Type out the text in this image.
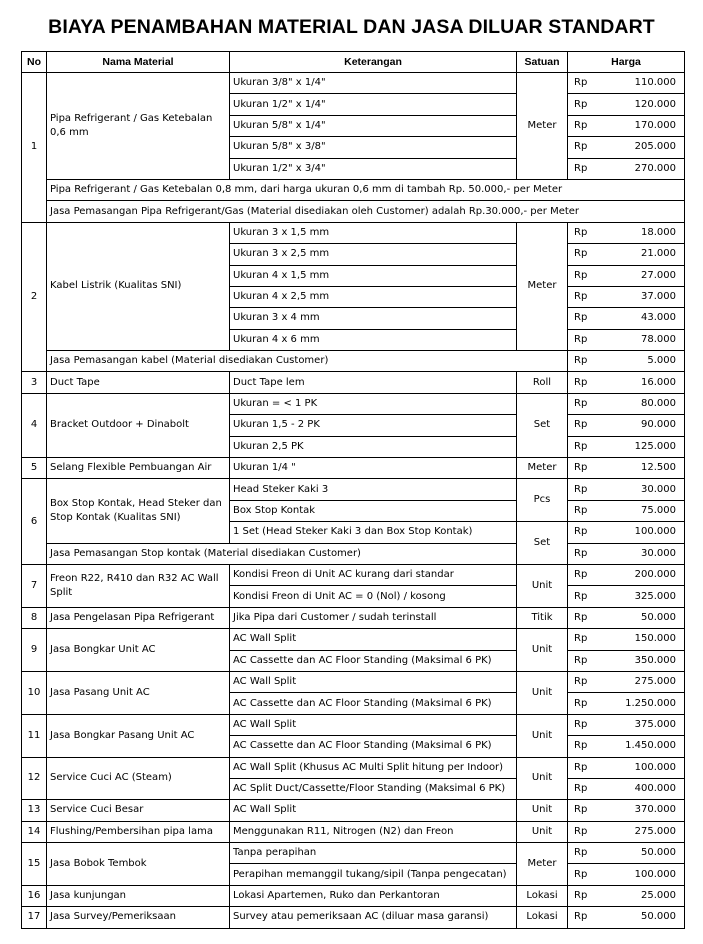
BIAYA PENAMBAHAN MATERIAL DAN JASA DILUAR STANDART
No	Nama Material	Keterangan	Satuan	Harga	
1	Pipa Refrigerant / Gas Ketebalan 0,6 mm	Ukuran 3/8" x 1/4"	Meter	Rp	110.000
		Ukuran 1/2" x 1/4"		Rp	120.000
		Ukuran 5/8" x 1/4"		Rp	170.000
		Ukuran 5/8" x 3/8"		Rp	205.000
		Ukuran 1/2" x 3/4"		Rp	270.000
	Pipa Refrigerant / Gas Ketebalan 0,8 mm, dari harga ukuran 0,6 mm di tambah Rp. 50.000,- per Meter				
	Jasa Pemasangan Pipa Refrigerant/Gas (Material disediakan oleh Customer) adalah Rp.30.000,- per Meter				
2	Kabel Listrik (Kualitas SNI)	Ukuran 3 x 1,5 mm	Meter	Rp	18.000
		Ukuran 3 x 2,5 mm		Rp	21.000
		Ukuran 4 x 1,5 mm		Rp	27.000
		Ukuran 4 x 2,5 mm		Rp	37.000
		Ukuran 3 x 4 mm		Rp	43.000
		Ukuran 4 x 6 mm		Rp	78.000
	Jasa Pemasangan kabel (Material disediakan Customer)			Rp	5.000
3	Duct Tape	Duct Tape lem	Roll	Rp	16.000
4	Bracket Outdoor + Dinabolt	Ukuran = < 1 PK	Set	Rp	80.000
		Ukuran 1,5 - 2 PK		Rp	90.000
		Ukuran 2,5 PK		Rp	125.000
5	Selang Flexible Pembuangan Air	Ukuran 1/4 "	Meter	Rp	12.500
6	Box Stop Kontak, Head Steker dan Stop Kontak (Kualitas SNI)	Head Steker Kaki 3	Pcs	Rp	30.000
		Box Stop Kontak		Rp	75.000
		1 Set (Head Steker Kaki 3 dan Box Stop Kontak)	Set	Rp	100.000
	Jasa Pemasangan Stop kontak (Material disediakan Customer)			Rp	30.000
7	Freon R22, R410 dan R32 AC Wall Split	Kondisi Freon di Unit AC kurang dari standar	Unit	Rp	200.000
		Kondisi Freon di Unit AC = 0 (Nol) / kosong		Rp	325.000
8	Jasa Pengelasan Pipa Refrigerant	Jika Pipa dari Customer / sudah terinstall	Titik	Rp	50.000
9	Jasa Bongkar Unit AC	AC Wall Split	Unit	Rp	150.000
		AC Cassette dan AC Floor Standing (Maksimal 6 PK)		Rp	350.000
10	Jasa Pasang Unit AC	AC Wall Split	Unit	Rp	275.000
		AC Cassette dan AC Floor Standing (Maksimal 6 PK)		Rp	1.250.000
11	Jasa Bongkar Pasang Unit AC	AC Wall Split	Unit	Rp	375.000
		AC Cassette dan AC Floor Standing (Maksimal 6 PK)		Rp	1.450.000
12	Service Cuci AC (Steam)	AC Wall Split (Khusus AC Multi Split hitung per Indoor)	Unit	Rp	100.000
		AC Split Duct/Cassette/Floor Standing (Maksimal 6 PK)		Rp	400.000
13	Service Cuci Besar	AC Wall Split	Unit	Rp	370.000
14	Flushing/Pembersihan pipa lama	Menggunakan R11, Nitrogen (N2) dan Freon	Unit	Rp	275.000
15	Jasa Bobok Tembok	Tanpa perapihan	Meter	Rp	50.000
		Perapihan memanggil tukang/sipil (Tanpa pengecatan)		Rp	100.000
16	Jasa kunjungan	Lokasi Apartemen, Ruko dan Perkantoran	Lokasi	Rp	25.000
17	Jasa Survey/Pemeriksaan	Survey atau pemeriksaan AC (diluar masa garansi)	Lokasi	Rp	50.000
